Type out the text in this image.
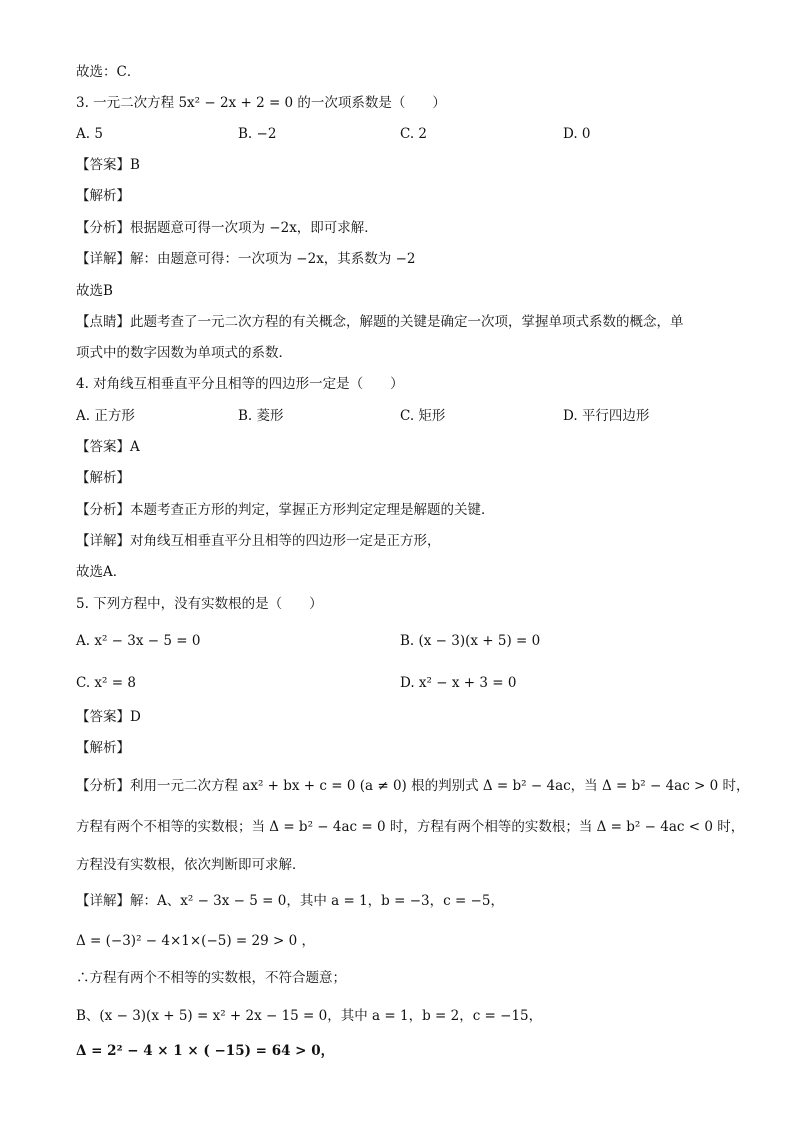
故选：C．
3. 一元二次方程 5x² − 2x + 2 = 0 的一次项系数是（　　）
A. 5	B. −2	C. 2	D. 0
【答案】B
【解析】
【分析】根据题意可得一次项为 −2x，即可求解．
【详解】解：由题意可得：一次项为 −2x，其系数为 −2
故选B
【点睛】此题考查了一元二次方程的有关概念，解题的关键是确定一次项，掌握单项式系数的概念，单
项式中的数字因数为单项式的系数．
4. 对角线互相垂直平分且相等的四边形一定是（　　）
A. 正方形	B. 菱形	C. 矩形	D. 平行四边形
【答案】A
【解析】
【分析】本题考查正方形的判定，掌握正方形判定定理是解题的关键．
【详解】对角线互相垂直平分且相等的四边形一定是正方形，
故选A．
5. 下列方程中，没有实数根的是（　　）
A. x² − 3x − 5 = 0	B. (x − 3)(x + 5) = 0
C. x² = 8	D. x² − x + 3 = 0
【答案】D
【解析】
【分析】利用一元二次方程 ax² + bx + c = 0 (a ≠ 0) 根的判别式 Δ = b² − 4ac，当 Δ = b² − 4ac > 0 时，
方程有两个不相等的实数根；当 Δ = b² − 4ac = 0 时，方程有两个相等的实数根；当 Δ = b² − 4ac < 0 时，
方程没有实数根，依次判断即可求解．
【详解】解：A、x² − 3x − 5 = 0，其中 a = 1，b = −3，c = −5，
Δ = (−3)² − 4×1×(−5) = 29 > 0 ，
∴方程有两个不相等的实数根，不符合题意；
B、(x − 3)(x + 5) = x² + 2x − 15 = 0，其中 a = 1，b = 2，c = −15，
Δ = 2² − 4 × 1 × ( −15) = 64 > 0，
